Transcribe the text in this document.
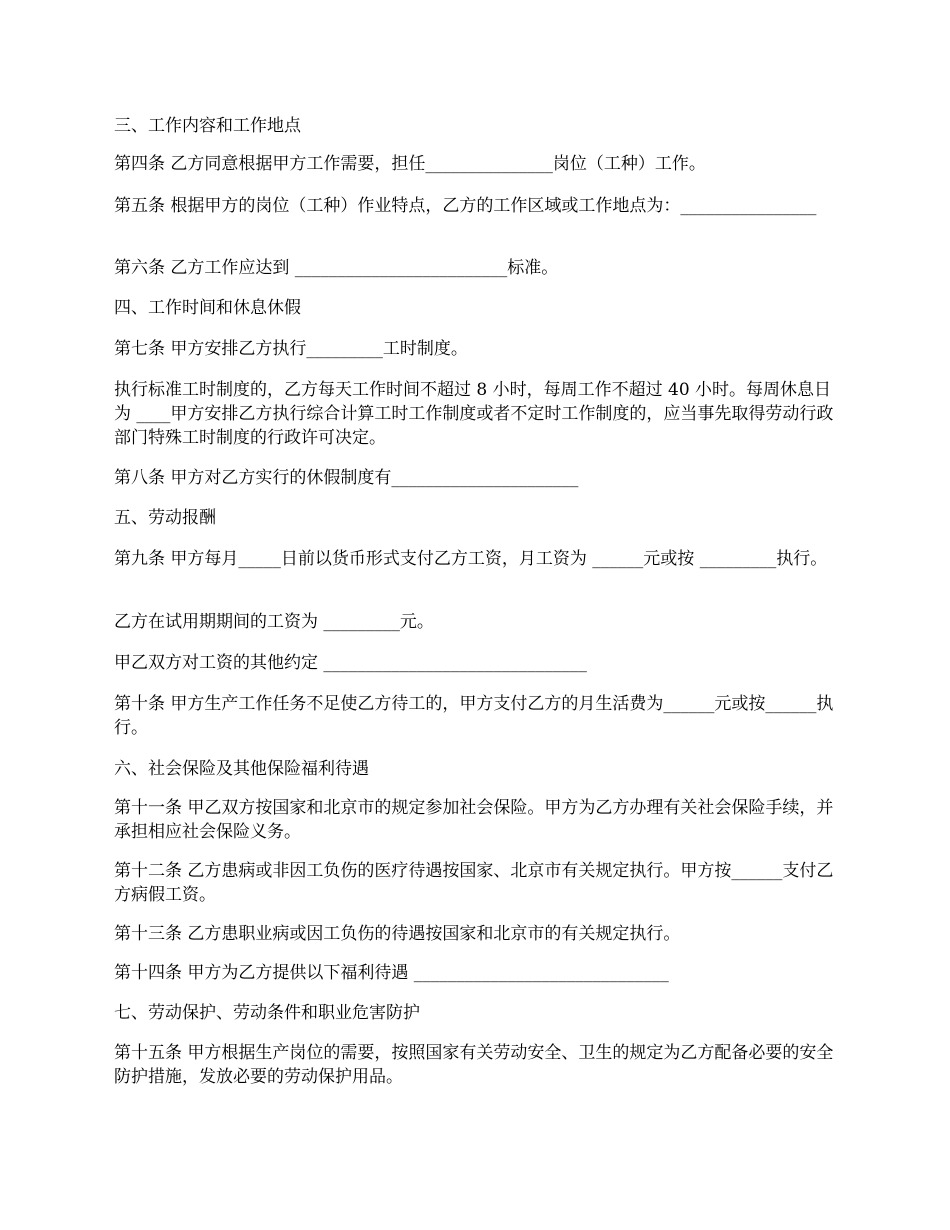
三、工作内容和工作地点

第四条 乙方同意根据甲方工作需要，担任_______________岗位（工种）工作。

第五条 根据甲方的岗位（工种）作业特点，乙方的工作区域或工作地点为：________________

第六条 乙方工作应达到 _________________________标准。

四、工作时间和休息休假

第七条 甲方安排乙方执行_________工时制度。

执行标准工时制度的，乙方每天工作时间不超过 8 小时，每周工作不超过 40 小时。每周休息日为 ____甲方安排乙方执行综合计算工时工作制度或者不定时工作制度的，应当事先取得劳动行政部门特殊工时制度的行政许可决定。

第八条 甲方对乙方实行的休假制度有______________________

五、劳动报酬

第九条 甲方每月_____日前以货币形式支付乙方工资，月工资为 ______元或按 _________执行。

乙方在试用期期间的工资为 _________元。

甲乙双方对工资的其他约定 _______________________________

第十条 甲方生产工作任务不足使乙方待工的，甲方支付乙方的月生活费为______元或按______执行。

六、社会保险及其他保险福利待遇

第十一条 甲乙双方按国家和北京市的规定参加社会保险。甲方为乙方办理有关社会保险手续，并承担相应社会保险义务。

第十二条 乙方患病或非因工负伤的医疗待遇按国家、北京市有关规定执行。甲方按______支付乙方病假工资。

第十三条 乙方患职业病或因工负伤的待遇按国家和北京市的有关规定执行。

第十四条 甲方为乙方提供以下福利待遇 ______________________________

七、劳动保护、劳动条件和职业危害防护

第十五条 甲方根据生产岗位的需要，按照国家有关劳动安全、卫生的规定为乙方配备必要的安全防护措施，发放必要的劳动保护用品。
